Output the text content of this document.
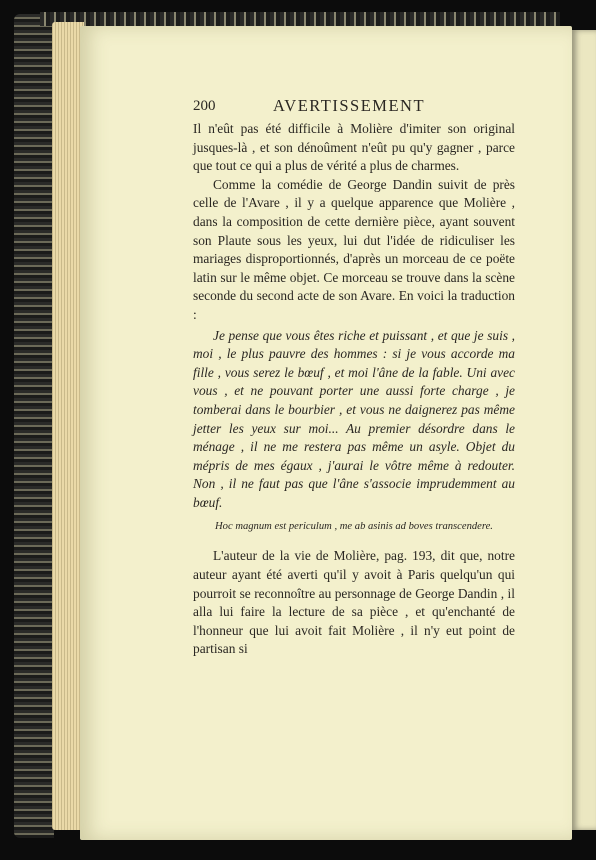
200	AVERTISSEMENT

Il n'eût pas été difficile à Molière d'imiter son original jusques-là , et son dénoûment n'eût pu qu'y gagner , parce que tout ce qui a plus de vérité a plus de charmes.

Comme la comédie de George Dandin suivit de près celle de l'Avare , il y a quelque apparence que Molière , dans la composition de cette dernière pièce, ayant souvent son Plaute sous les yeux, lui dut l'idée de ridiculiser les mariages disproportionnés, d'après un morceau de ce poëte latin sur le même objet. Ce morceau se trouve dans la scène seconde du second acte de son Avare. En voici la traduction :

Je pense que vous êtes riche et puissant , et que je suis , moi , le plus pauvre des hommes : si je vous accorde ma fille , vous serez le bœuf , et moi l'âne de la fable. Uni avec vous , et ne pouvant porter une aussi forte charge , je tomberai dans le bourbier , et vous ne daignerez pas même jetter les yeux sur moi... Au premier désordre dans le ménage , il ne me restera pas même un asyle. Objet du mépris de mes égaux , j'aurai le vôtre même à redouter. Non , il ne faut pas que l'âne s'associe imprudemment au bœuf.

Hoc magnum est periculum , me ab asinis ad boves transcendere.

L'auteur de la vie de Molière, pag. 193, dit que, notre auteur ayant été averti qu'il y avoit à Paris quelqu'un qui pourroit se reconnoître au personnage de George Dandin , il alla lui faire la lecture de sa pièce , et qu'enchanté de l'honneur que lui avoit fait Molière , il n'y eut point de partisan si
